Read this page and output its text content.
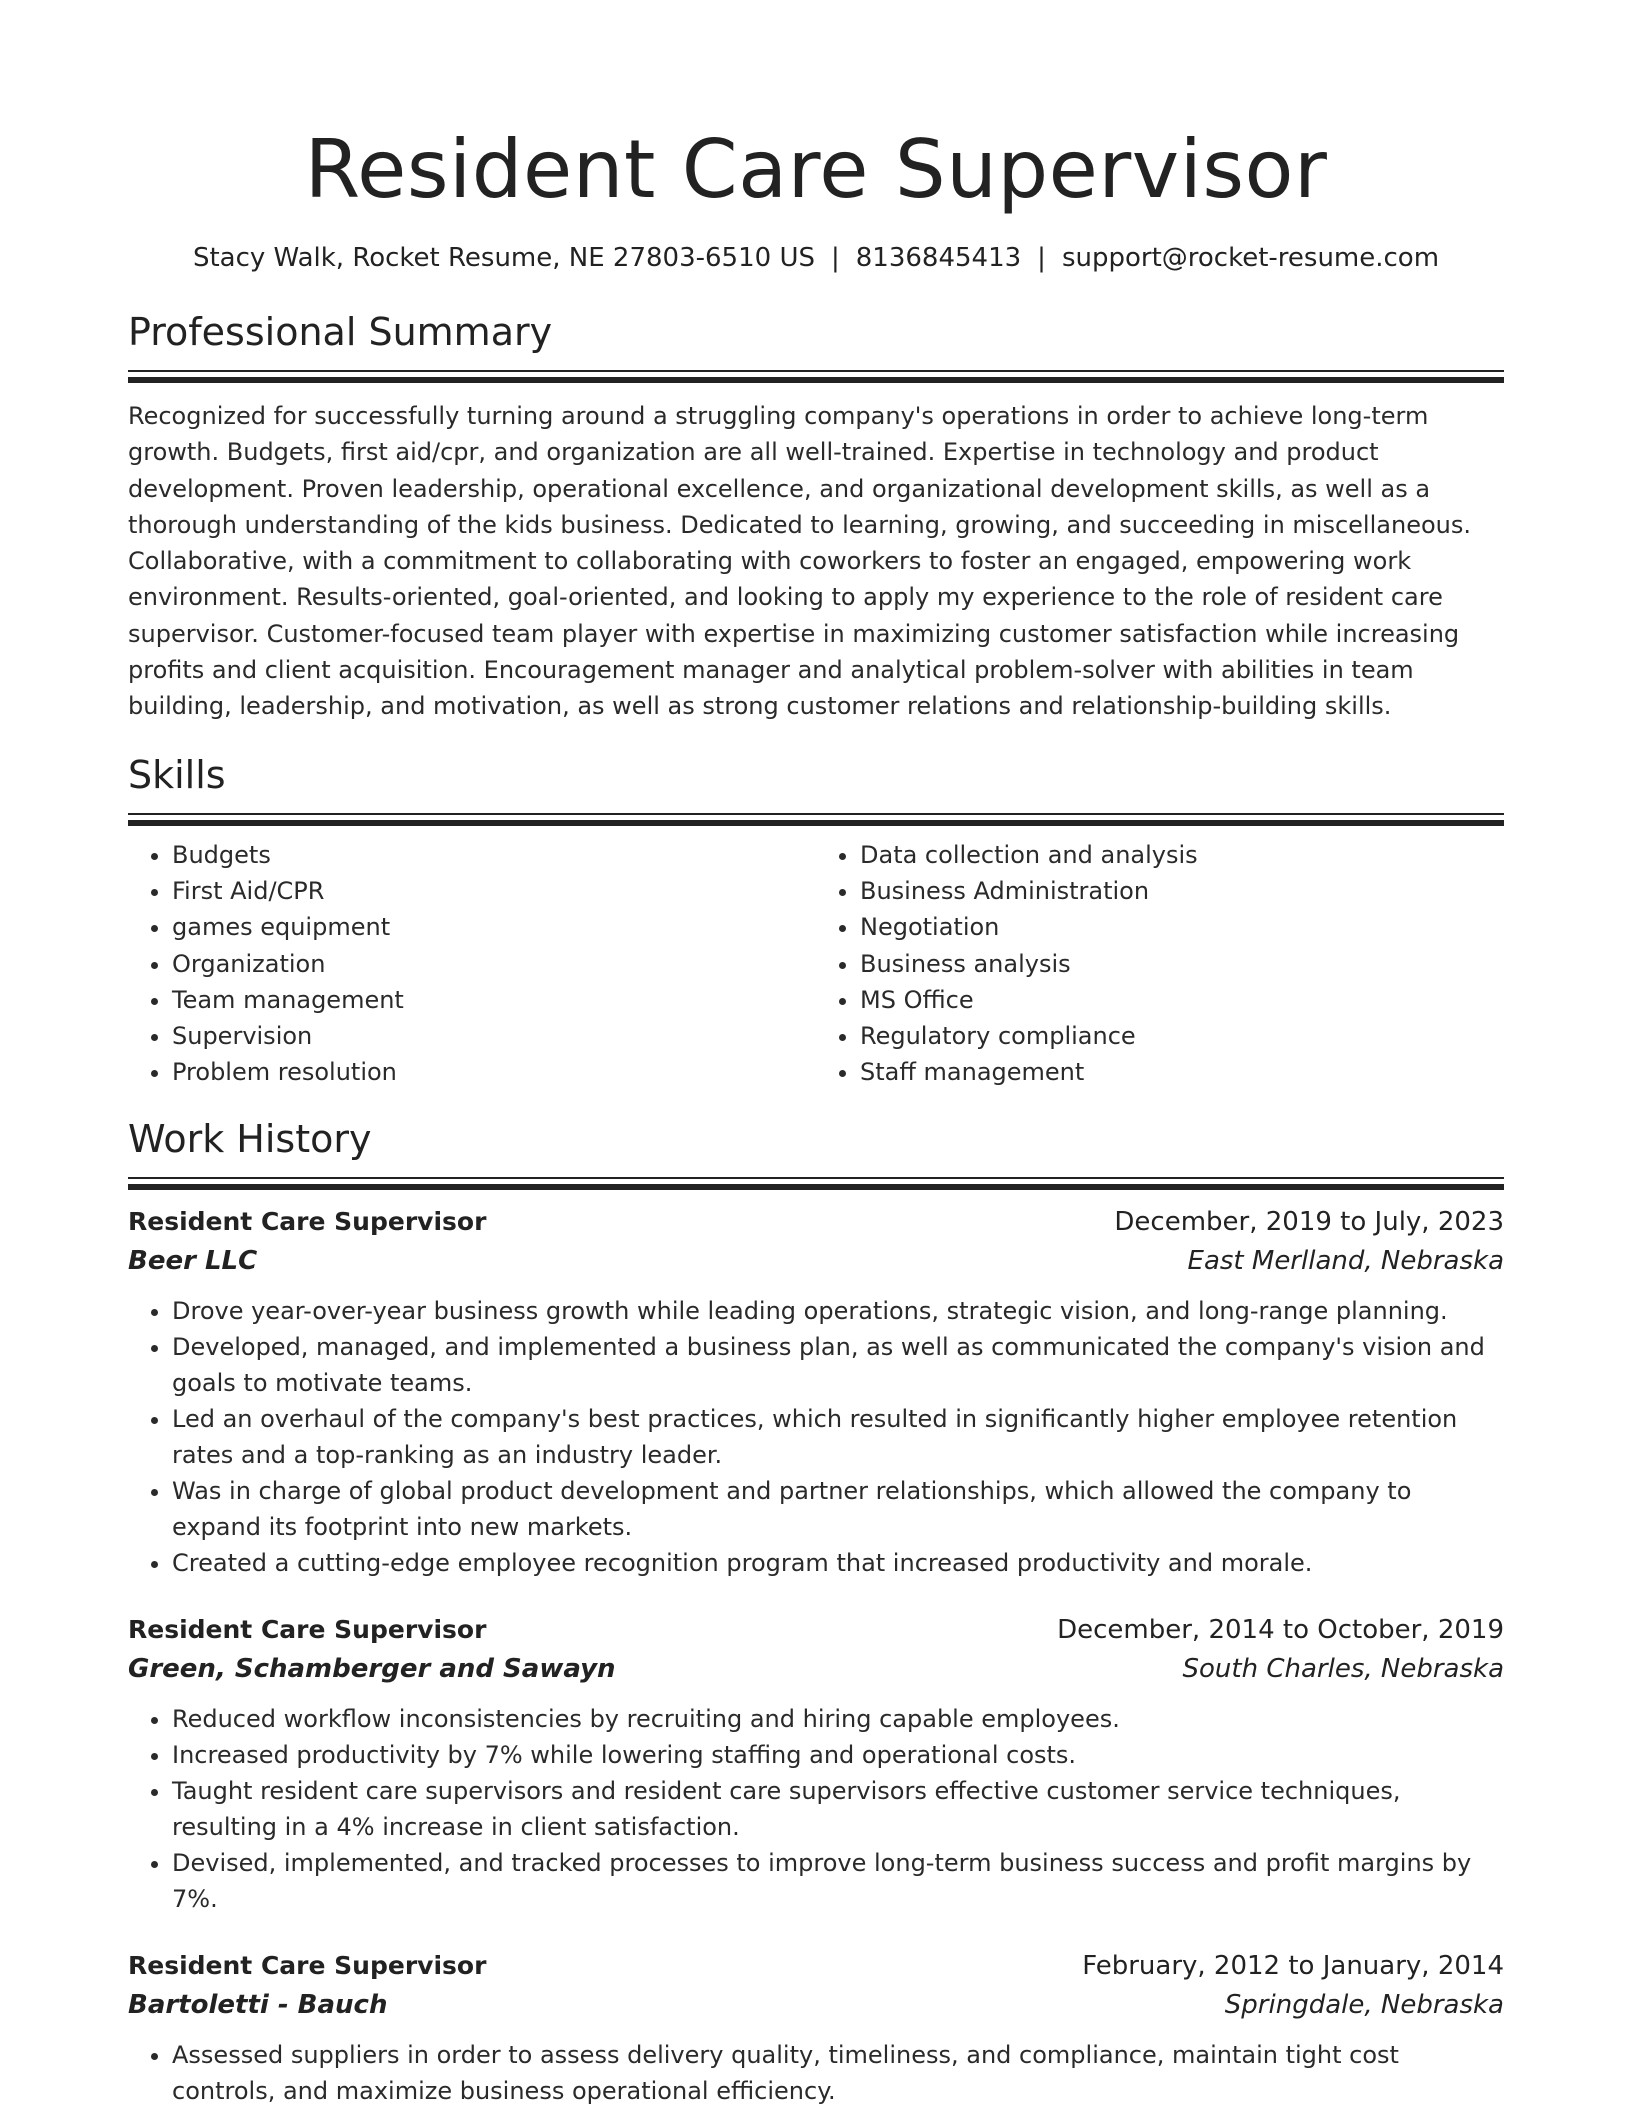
Resident Care Supervisor
Stacy Walk, Rocket Resume, NE 27803-6510 US | 8136845413 | support@rocket-resume.com
Professional Summary

Recognized for successfully turning around a struggling company's operations in order to achieve long-term growth. Budgets, first aid/cpr, and organization are all well-trained. Expertise in technology and product development. Proven leadership, operational excellence, and organizational development skills, as well as a thorough understanding of the kids business. Dedicated to learning, growing, and succeeding in miscellaneous. Collaborative, with a commitment to collaborating with coworkers to foster an engaged, empowering work environment. Results-oriented, goal-oriented, and looking to apply my experience to the role of resident care supervisor. Customer-focused team player with expertise in maximizing customer satisfaction while increasing profits and client acquisition. Encouragement manager and analytical problem-solver with abilities in team building, leadership, and motivation, as well as strong customer relations and relationship-building skills.

Skills
• Budgets
• First Aid/CPR
• games equipment
• Organization
• Team management
• Supervision
• Problem resolution
• Data collection and analysis
• Business Administration
• Negotiation
• Business analysis
• MS Office
• Regulatory compliance
• Staff management
Work History
Resident Care Supervisor	December, 2019 to July, 2023
Beer LLC	East Merlland, Nebraska
• Drove year-over-year business growth while leading operations, strategic vision, and long-range planning.
• Developed, managed, and implemented a business plan, as well as communicated the company's vision and goals to motivate teams.
• Led an overhaul of the company's best practices, which resulted in significantly higher employee retention rates and a top-ranking as an industry leader.
• Was in charge of global product development and partner relationships, which allowed the company to expand its footprint into new markets.
• Created a cutting-edge employee recognition program that increased productivity and morale.
Resident Care Supervisor	December, 2014 to October, 2019
Green, Schamberger and Sawayn	South Charles, Nebraska
• Reduced workflow inconsistencies by recruiting and hiring capable employees.
• Increased productivity by 7% while lowering staffing and operational costs.
• Taught resident care supervisors and resident care supervisors effective customer service techniques, resulting in a 4% increase in client satisfaction.
• Devised, implemented, and tracked processes to improve long-term business success and profit margins by 7%.
Resident Care Supervisor	February, 2012 to January, 2014
Bartoletti - Bauch	Springdale, Nebraska
• Assessed suppliers in order to assess delivery quality, timeliness, and compliance, maintain tight cost controls, and maximize business operational efficiency.
